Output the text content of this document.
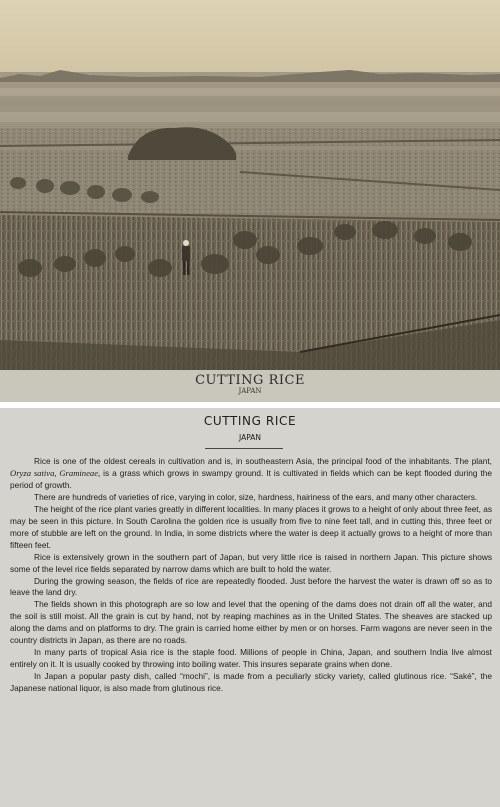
CUTTING RICE
JAPAN
CUTTING RICE
JAPAN

Rice is one of the oldest cereals in cultivation and is, in southeastern Asia, the principal food of the inhabitants. The plant, Oryza sativa, Gramineae, is a grass which grows in swampy ground. It is cultivated in fields which can be kept flooded during the period of growth.

There are hundreds of varieties of rice, varying in color, size, hardness, hairiness of the ears, and many other characters.

The height of the rice plant varies greatly in different localities. In many places it grows to a height of only about three feet, as may be seen in this picture. In South Carolina the golden rice is usually from five to nine feet tall, and in cutting this, three feet or more of stubble are left on the ground. In India, in some districts where the water is deep it actually grows to a height of more than fifteen feet.

Rice is extensively grown in the southern part of Japan, but very little rice is raised in northern Japan. This picture shows some of the level rice fields separated by narrow dams which are built to hold the water.

During the growing season, the fields of rice are repeatedly flooded. Just before the harvest the water is drawn off so as to leave the land dry.

The fields shown in this photograph are so low and level that the opening of the dams does not drain off all the water, and the soil is still moist. All the grain is cut by hand, not by reaping machines as in the United States. The sheaves are stacked up along the dams and on platforms to dry. The grain is carried home either by men or on horses. Farm wagons are never seen in the country districts in Japan, as there are no roads.

In many parts of tropical Asia rice is the staple food. Millions of people in China, Japan, and southern India live almost entirely on it. It is usually cooked by throwing into boiling water. This insures separate grains when done.

In Japan a popular pasty dish, called “mochi”, is made from a peculiarly sticky variety, called glutinous rice. “Saké”, the Japanese national liquor, is also made from glutinous rice.
